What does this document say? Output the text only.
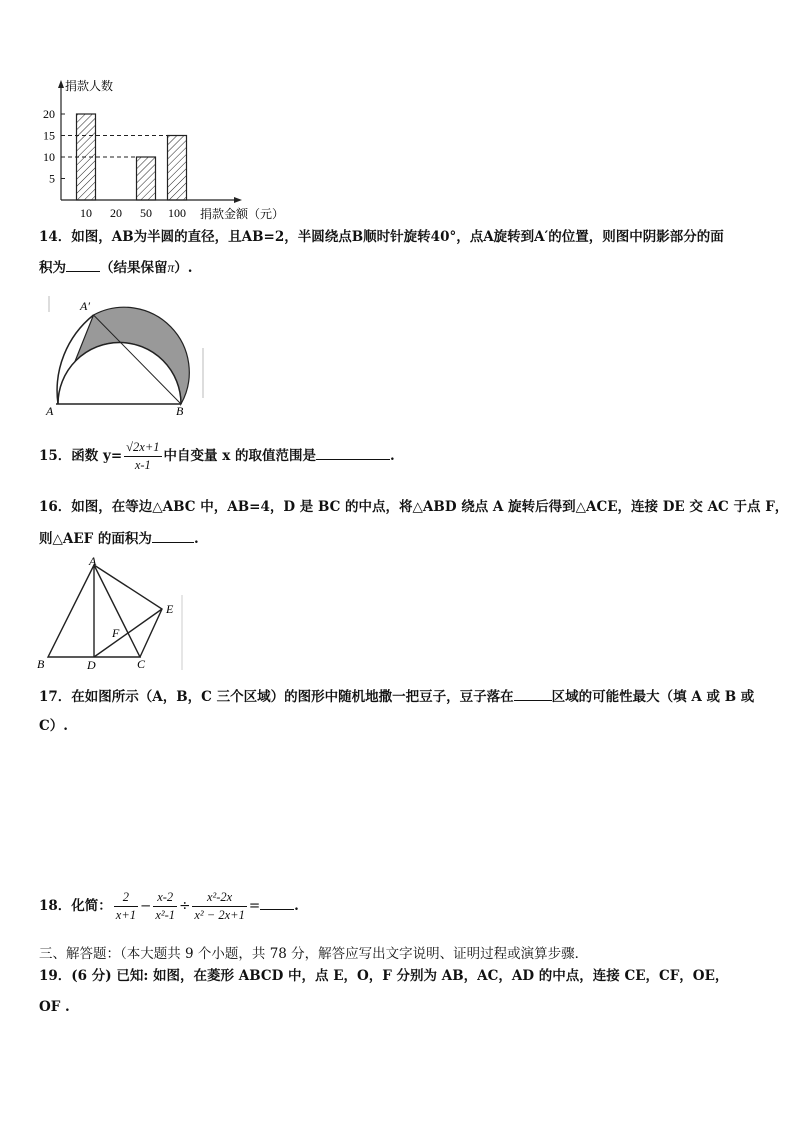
捐款人数
20
15
10
5
10 20 50 100 捐款金额（元）
14．如图，AB为半圆的直径，且AB=2，半圆绕点B顺时针旋转40°，点A旋转到A′的位置，则图中阴影部分的面
积为	（结果保留π）.
A′
A	B
15．函数 $y= \frac{√2x+1}{x-1}$ 中自变量 x 的取值范围是	.
16．如图，在等边△ABC 中，AB=4，D 是 BC 的中点，将△ABD 绕点 A 旋转后得到△ACE，连接 DE 交 AC 于点 F，
则△AEF 的面积为	.
A
B	C
D
E
F
17．在如图所示（A，B，C 三个区域）的图形中随机地撒一把豆子，豆子落在	区域的可能性最大（填 A 或 B 或
C）.
18．化简： $\frac{2}{x+1} - \frac{x-2}{\text{x²-1}} \div \frac{\text{x²-2x}}{\text{x² − 2x+1}}$ =	.
三、解答题：（本大题共 9 个小题，共 78 分，解答应写出文字说明、证明过程或演算步骤．
19．(6 分) 已知: 如图，在菱形 ABCD 中，点 E，O，F 分别为 AB，AC，AD 的中点，连接 CE，CF，OE，
OF .
